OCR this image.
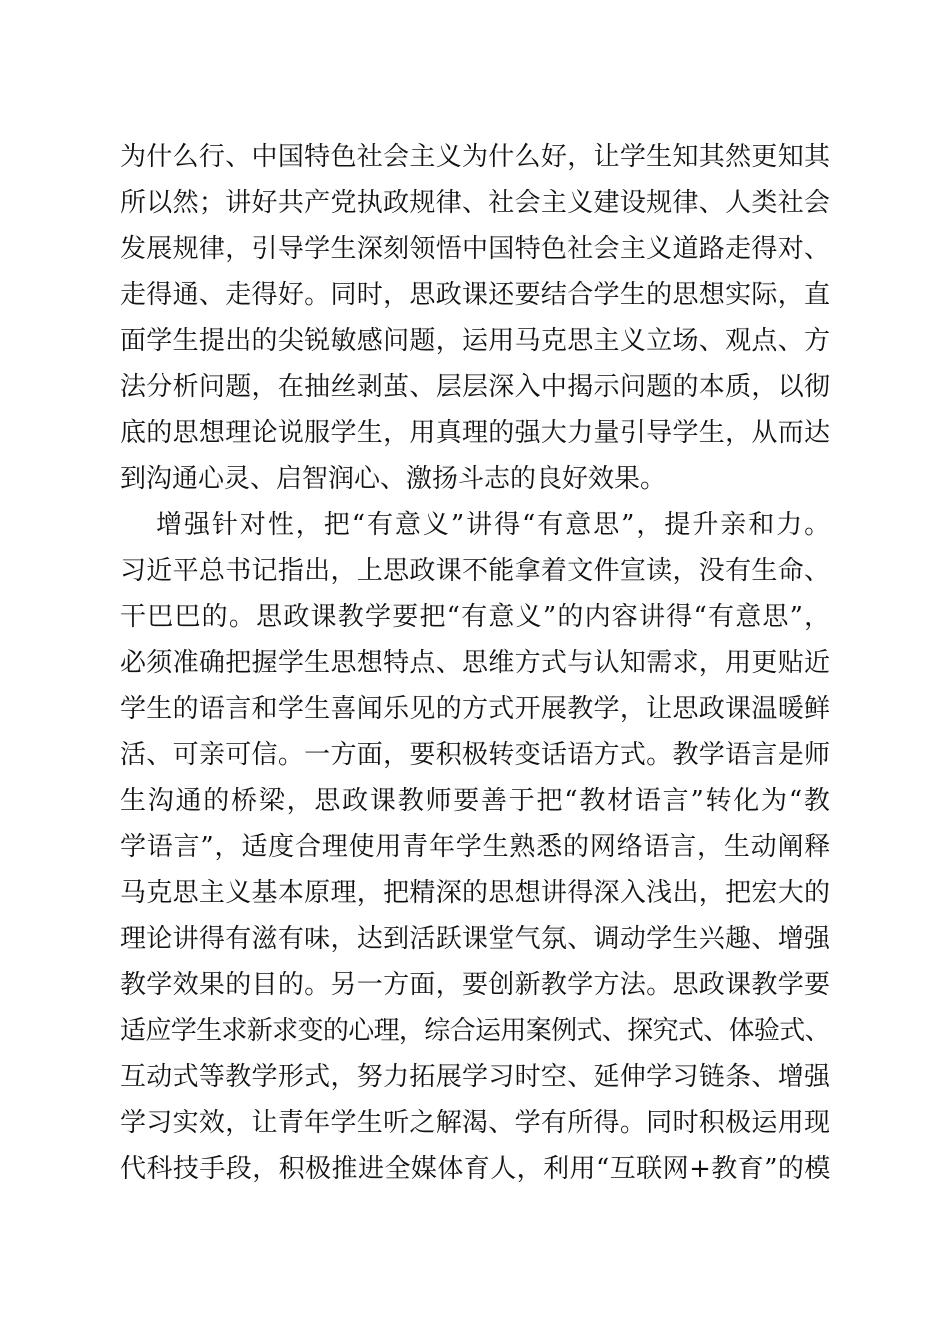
为什么行、中国特色社会主义为什么好，让学生知其然更知其
所以然；讲好共产党执政规律、社会主义建设规律、人类社会
发展规律，引导学生深刻领悟中国特色社会主义道路走得对、
走得通、走得好。同时，思政课还要结合学生的思想实际，直
面学生提出的尖锐敏感问题，运用马克思主义立场、观点、方
法分析问题，在抽丝剥茧、层层深入中揭示问题的本质，以彻
底的思想理论说服学生，用真理的强大力量引导学生，从而达
到沟通心灵、启智润心、激扬斗志的良好效果。
增强针对性，把“有意义”讲得“有意思”，提升亲和力。
习近平总书记指出，上思政课不能拿着文件宣读，没有生命、
干巴巴的。思政课教学要把“有意义”的内容讲得“有意思”，
必须准确把握学生思想特点、思维方式与认知需求，用更贴近
学生的语言和学生喜闻乐见的方式开展教学，让思政课温暖鲜
活、可亲可信。一方面，要积极转变话语方式。教学语言是师
生沟通的桥梁，思政课教师要善于把“教材语言”转化为“教
学语言”，适度合理使用青年学生熟悉的网络语言，生动阐释
马克思主义基本原理，把精深的思想讲得深入浅出，把宏大的
理论讲得有滋有味，达到活跃课堂气氛、调动学生兴趣、增强
教学效果的目的。另一方面，要创新教学方法。思政课教学要
适应学生求新求变的心理，综合运用案例式、探究式、体验式、
互动式等教学形式，努力拓展学习时空、延伸学习链条、增强
学习实效，让青年学生听之解渴、学有所得。同时积极运用现
代科技手段，积极推进全媒体育人，利用“互联网+教育”的模
